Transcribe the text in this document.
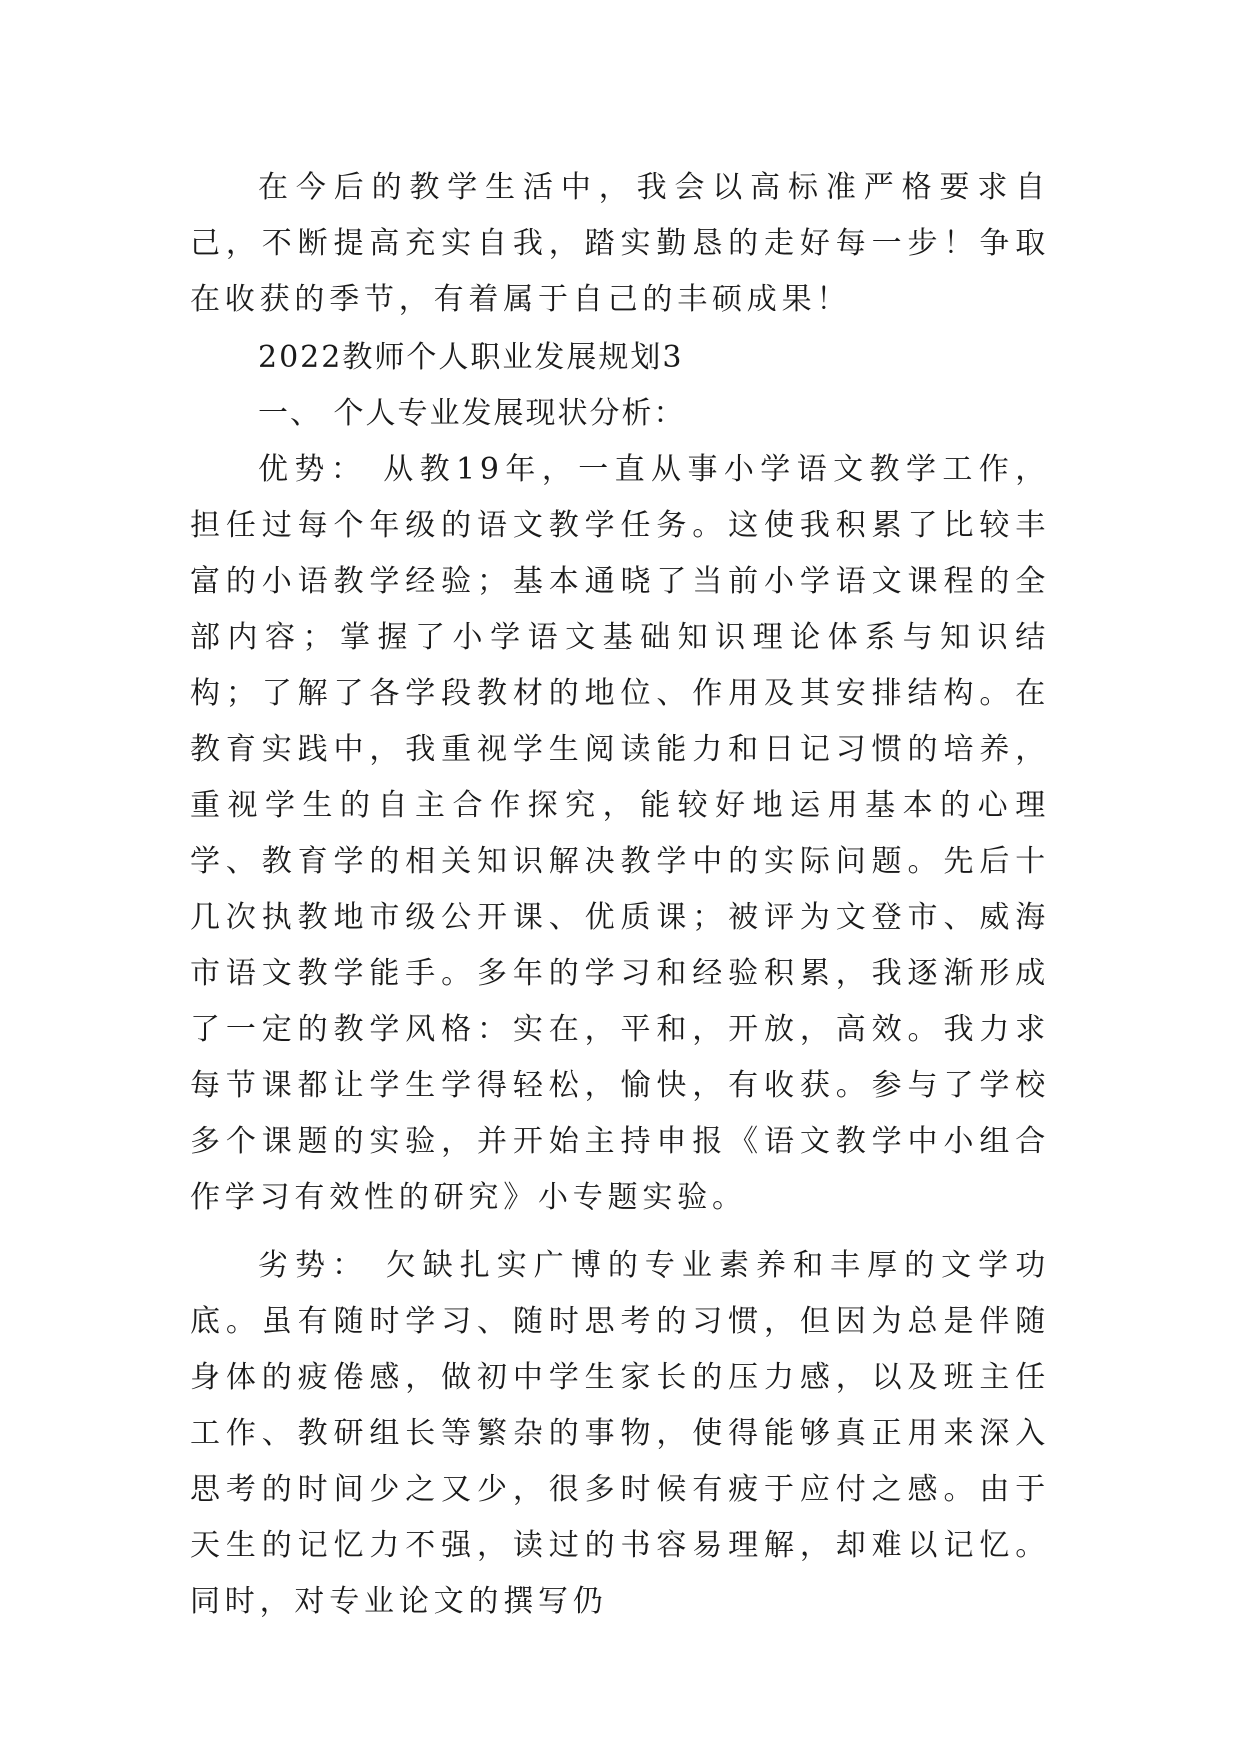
在今后的教学生活中，我会以高标准严格要求自己，不断提高充实自我，踏实勤恳的走好每一步！争取在收获的季节，有着属于自己的丰硕成果！

2022教师个人职业发展规划3

一、 个人专业发展现状分析：

优势： 从教19年，一直从事小学语文教学工作，担任过每个年级的语文教学任务。这使我积累了比较丰富的小语教学经验；基本通晓了当前小学语文课程的全部内容；掌握了小学语文基础知识理论体系与知识结构；了解了各学段教材的地位、作用及其安排结构。在教育实践中，我重视学生阅读能力和日记习惯的培养，重视学生的自主合作探究，能较好地运用基本的心理学、教育学的相关知识解决教学中的实际问题。先后十几次执教地市级公开课、优质课；被评为文登市、威海市语文教学能手。多年的学习和经验积累，我逐渐形成了一定的教学风格：实在，平和，开放，高效。我力求每节课都让学生学得轻松，愉快，有收获。参与了学校多个课题的实验，并开始主持申报《语文教学中小组合作学习有效性的研究》小专题实验。

劣势： 欠缺扎实广博的专业素养和丰厚的文学功底。虽有随时学习、随时思考的习惯，但因为总是伴随身体的疲倦感，做初中学生家长的压力感，以及班主任工作、教研组长等繁杂的事物，使得能够真正用来深入思考的时间少之又少，很多时候有疲于应付之感。由于天生的记忆力不强，读过的书容易理解，却难以记忆。同时，对专业论文的撰写仍
